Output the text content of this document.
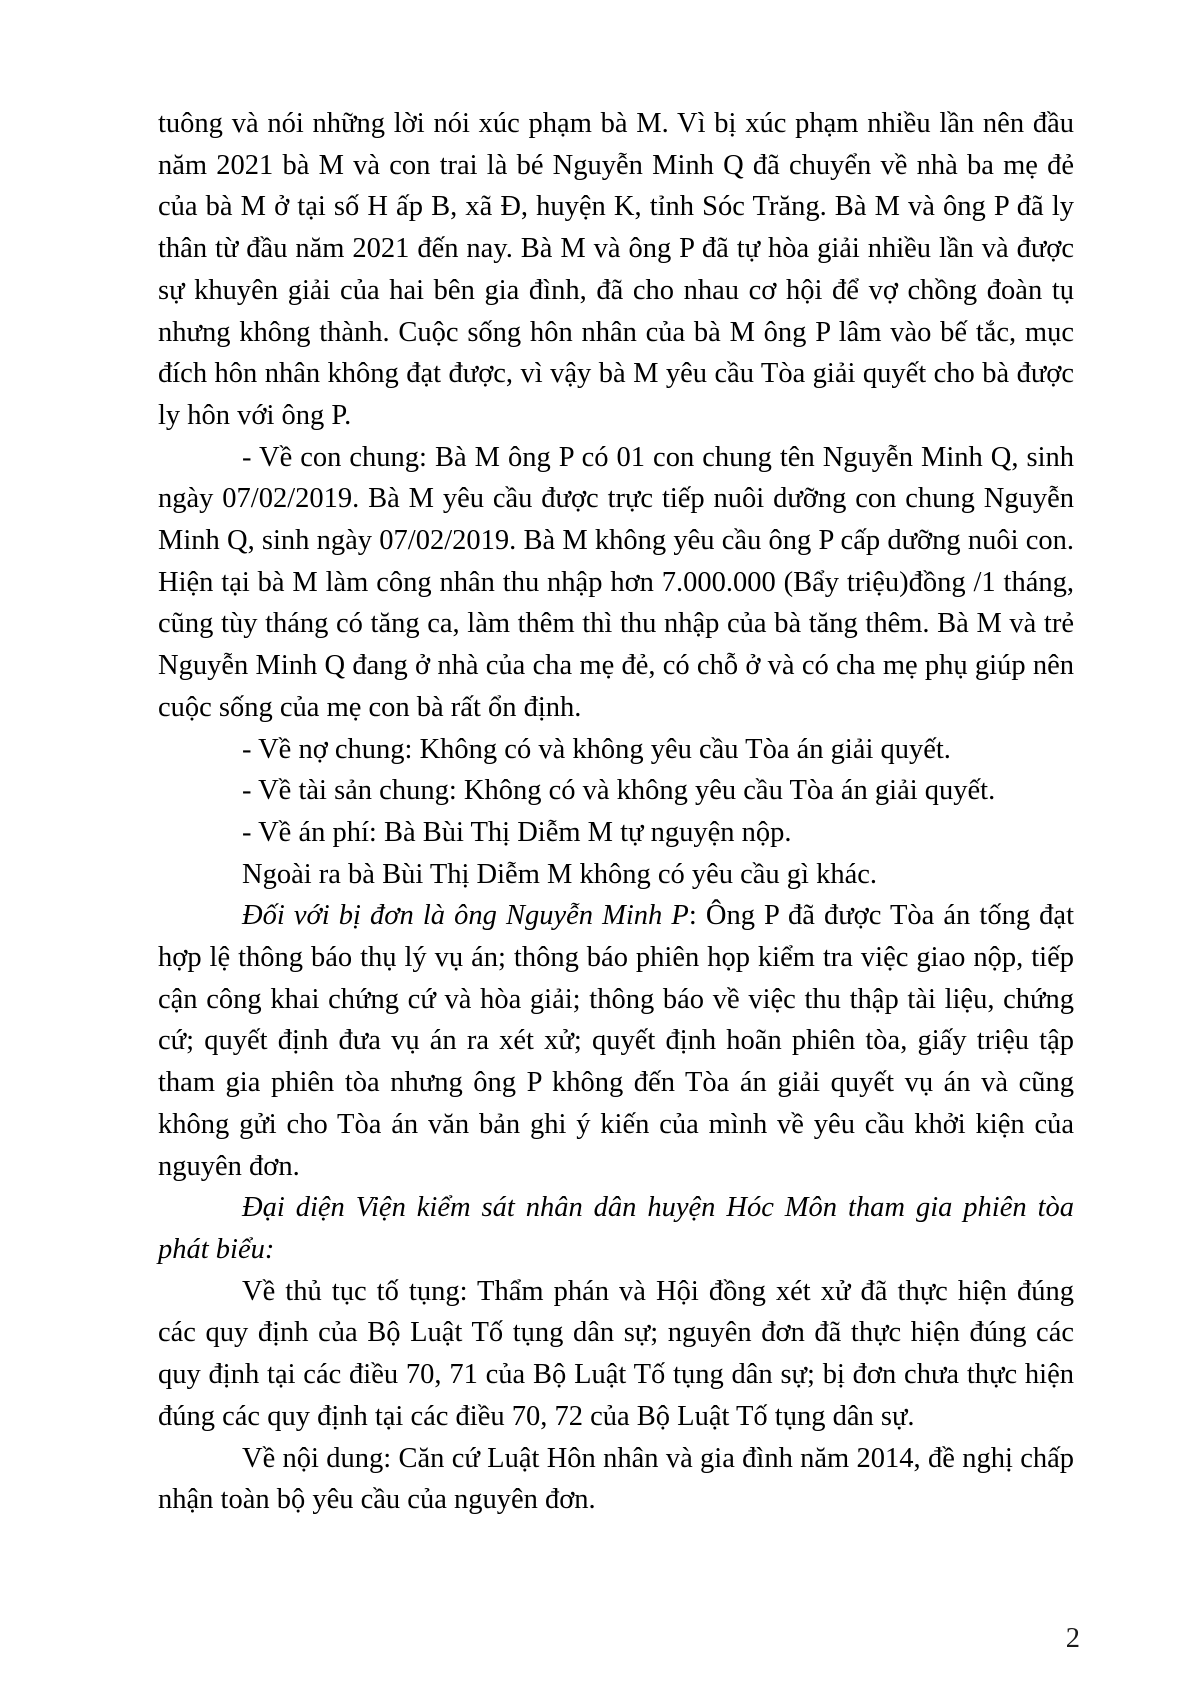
tuông và nói những lời nói xúc phạm bà M. Vì bị xúc phạm nhiều lần nên đầu năm 2021 bà M và con trai là bé Nguyễn Minh Q đã chuyển về nhà ba mẹ đẻ của bà M ở tại số H ấp B, xã Đ, huyện K, tỉnh Sóc Trăng. Bà M và ông P đã ly thân từ đầu năm 2021 đến nay. Bà M và ông P đã tự hòa giải nhiều lần và được sự khuyên giải của hai bên gia đình, đã cho nhau cơ hội để vợ chồng đoàn tụ nhưng không thành. Cuộc sống hôn nhân của bà M ông P lâm vào bế tắc, mục đích hôn nhân không đạt được, vì vậy bà M yêu cầu Tòa giải quyết cho bà được ly hôn với ông P.

- Về con chung: Bà M ông P có 01 con chung tên Nguyễn Minh Q, sinh ngày 07/02/2019. Bà M yêu cầu được trực tiếp nuôi dưỡng con chung Nguyễn Minh Q, sinh ngày 07/02/2019. Bà M không yêu cầu ông P cấp dưỡng nuôi con. Hiện tại bà M làm công nhân thu nhập hơn 7.000.000 (Bẩy triệu)đồng /1 tháng, cũng tùy tháng có tăng ca, làm thêm thì thu nhập của bà tăng thêm. Bà M và trẻ Nguyễn Minh Q đang ở nhà của cha mẹ đẻ, có chỗ ở và có cha mẹ phụ giúp nên cuộc sống của mẹ con bà rất ổn định.

- Về nợ chung: Không có và không yêu cầu Tòa án giải quyết.

- Về tài sản chung: Không có và không yêu cầu Tòa án giải quyết.

- Về án phí: Bà Bùi Thị Diễm M tự nguyện nộp.

Ngoài ra bà Bùi Thị Diễm M không có yêu cầu gì khác.

Đối với bị đơn là ông Nguyễn Minh P: Ông P đã được Tòa án tống đạt hợp lệ thông báo thụ lý vụ án; thông báo phiên họp kiểm tra việc giao nộp, tiếp cận công khai chứng cứ và hòa giải; thông báo về việc thu thập tài liệu, chứng cứ; quyết định đưa vụ án ra xét xử; quyết định hoãn phiên tòa, giấy triệu tập tham gia phiên tòa nhưng ông P không đến Tòa án giải quyết vụ án và cũng không gửi cho Tòa án văn bản ghi ý kiến của mình về yêu cầu khởi kiện của nguyên đơn.

Đại diện Viện kiểm sát nhân dân huyện Hóc Môn tham gia phiên tòa phát biểu:

Về thủ tục tố tụng: Thẩm phán và Hội đồng xét xử đã thực hiện đúng các quy định của Bộ Luật Tố tụng dân sự; nguyên đơn đã thực hiện đúng các quy định tại các điều 70, 71 của Bộ Luật Tố tụng dân sự; bị đơn chưa thực hiện đúng các quy định tại các điều 70, 72 của Bộ Luật Tố tụng dân sự.

Về nội dung: Căn cứ Luật Hôn nhân và gia đình năm 2014, đề nghị chấp nhận toàn bộ yêu cầu của nguyên đơn.

2
